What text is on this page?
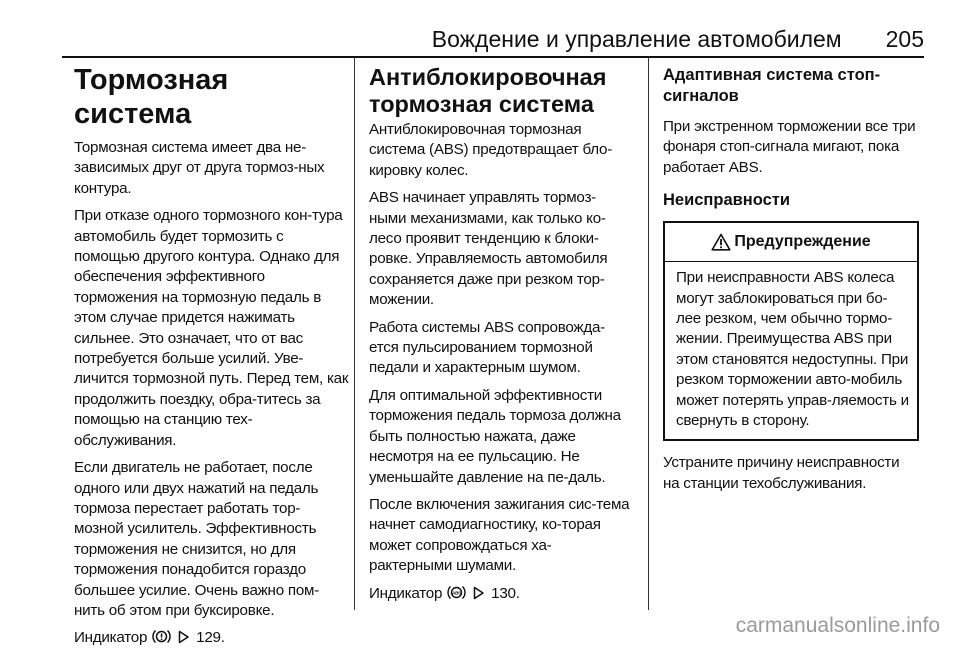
Вождение и управление автомобилем 205
Тормозная система

Тормозная система имеет два не-зависимых друг от друга тормоз-ных контура.

При отказе одного тормозного кон-тура автомобиль будет тормозить с помощью другого контура. Однако для обеспечения эффективного торможения на тормозную педаль в этом случае придется нажимать сильнее. Это означает, что от вас потребуется больше усилий. Уве-личится тормозной путь. Перед тем, как продолжить поездку, обра-титесь за помощью на станцию тех-обслуживания.

Если двигатель не работает, после одного или двух нажатий на педаль тормоза перестает работать тор-мозной усилитель. Эффективность торможения не снизится, но для торможения понадобится гораздо большее усилие. Очень важно пом-нить об этом при буксировке.

Индикатор	129.

Антиблокировочная тормозная система

Антиблокировочная тормозная система (ABS) предотвращает бло-кировку колес.

ABS начинает управлять тормоз-ными механизмами, как только ко-лесо проявит тенденцию к блоки-ровке. Управляемость автомобиля сохраняется даже при резком тор-можении.

Работа системы ABS сопровожда-ется пульсированием тормозной педали и характерным шумом.

Для оптимальной эффективности торможения педаль тормоза должна быть полностью нажата, даже несмотря на ее пульсацию. Не уменьшайте давление на пе-даль.

После включения зажигания сис-тема начнет самодиагностику, ко-торая может сопровождаться ха-рактерными шумами.

Индикатор ABS 130.

Адаптивная система стоп-сигналов

При экстренном торможении все три фонаря стоп-сигнала мигают, пока работает ABS.

Неисправности
Предупреждение

При неисправности ABS колеса могут заблокироваться при бо-лее резком, чем обычно тормо-жении. Преимущества ABS при этом становятся недоступны. При резком торможении авто-мобиль может потерять управ-ляемость и свернуть в сторону.

Устраните причину неисправности на станции техобслуживания.

carmanualsonline.info
